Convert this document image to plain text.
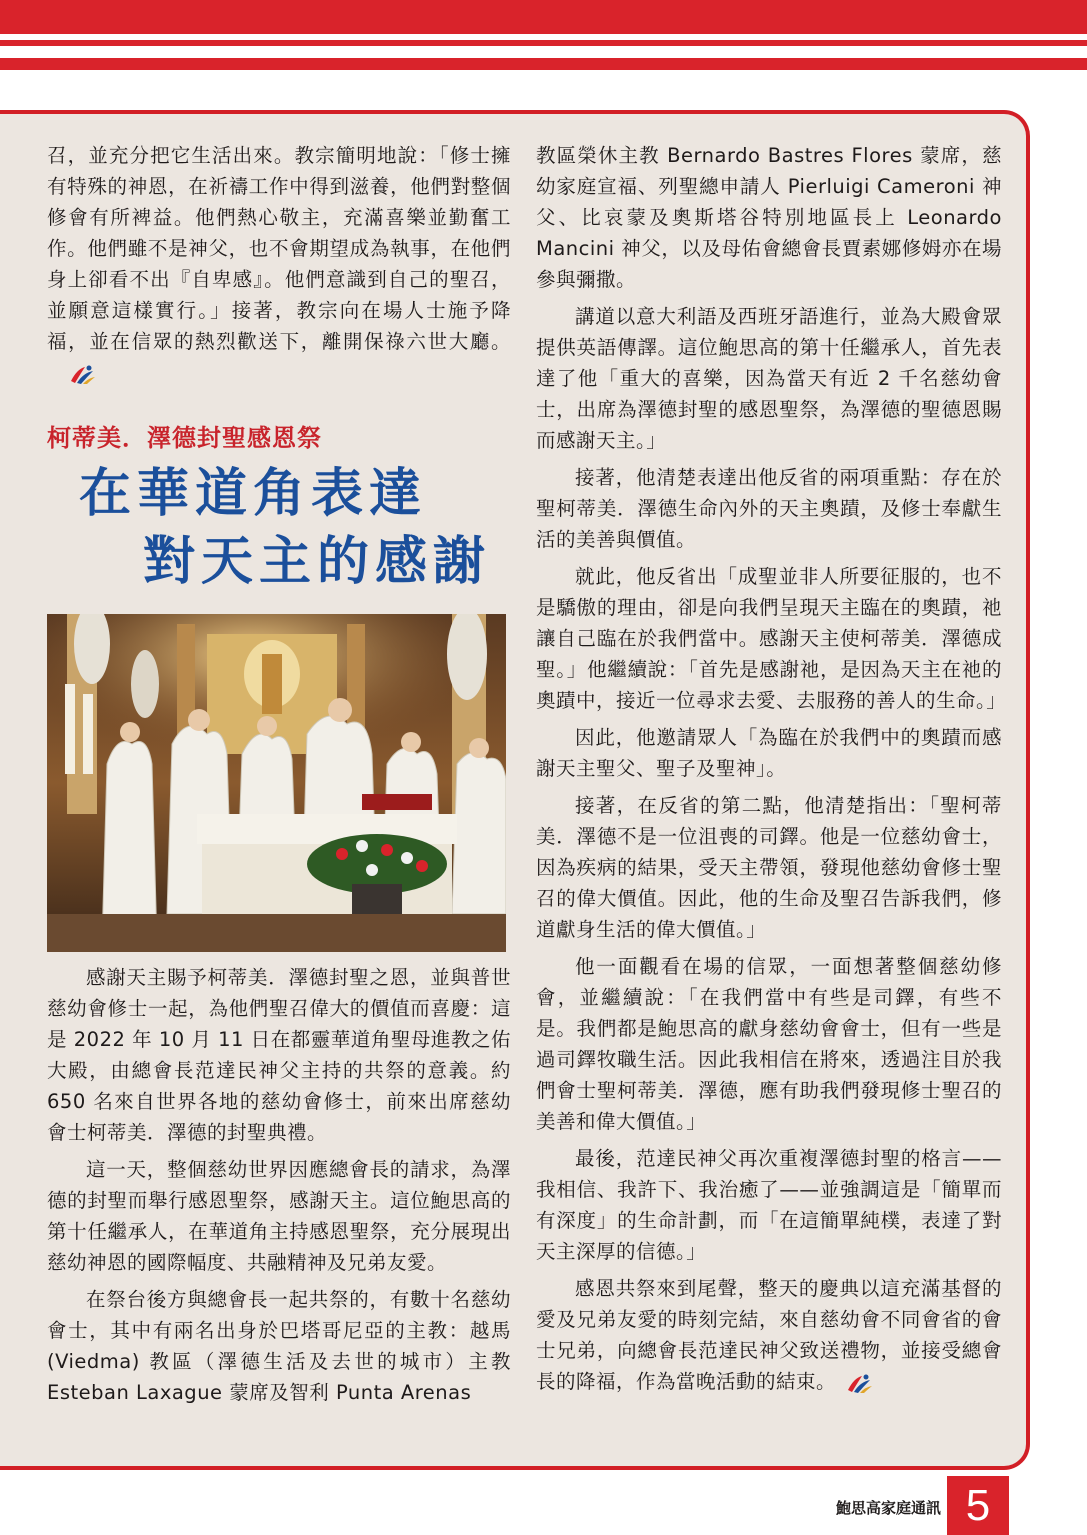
召，並充分把它生活出來。教宗簡明地說：「修士擁有特殊的神恩，在祈禱工作中得到滋養，他們對整個修會有所裨益。他們熱心敬主，充滿喜樂並勤奮工作。他們雖不是神父，也不會期望成為執事，在他們身上卻看不出『自卑感』。他們意識到自己的聖召，並願意這樣實行。」接著，教宗向在場人士施予降福，並在信眾的熱烈歡送下，離開保祿六世大廳。

柯蒂美．澤德封聖感恩祭
在華道角表達
對天主的感謝

感謝天主賜予柯蒂美．澤德封聖之恩，並與普世慈幼會修士一起，為他們聖召偉大的價值而喜慶：這是 2022 年 10 月 11 日在都靈華道角聖母進教之佑大殿，由總會長范達民神父主持的共祭的意義。約 650 名來自世界各地的慈幼會修士，前來出席慈幼會士柯蒂美．澤德的封聖典禮。

這一天，整個慈幼世界因應總會長的請求，為澤德的封聖而舉行感恩聖祭，感謝天主。這位鮑思高的第十任繼承人，在華道角主持感恩聖祭，充分展現出慈幼神恩的國際幅度、共融精神及兄弟友愛。

在祭台後方與總會長一起共祭的，有數十名慈幼會士，其中有兩名出身於巴塔哥尼亞的主教：越馬 (Viedma) 教區（澤德生活及去世的城市）主教 Esteban Laxague 蒙席及智利 Punta Arenas

教區榮休主教 Bernardo Bastres Flores 蒙席，慈幼家庭宣福、列聖總申請人 Pierluigi Cameroni 神父、比哀蒙及奧斯塔谷特別地區長上 Leonardo Mancini 神父，以及母佑會總會長賈素娜修姆亦在場參與彌撒。

講道以意大利語及西班牙語進行，並為大殿會眾提供英語傳譯。這位鮑思高的第十任繼承人，首先表達了他「重大的喜樂，因為當天有近 2 千名慈幼會士，出席為澤德封聖的感恩聖祭，為澤德的聖德恩賜而感謝天主。」

接著，他清楚表達出他反省的兩項重點：存在於聖柯蒂美．澤德生命內外的天主奧蹟，及修士奉獻生活的美善與價值。

就此，他反省出「成聖並非人所要征服的，也不是驕傲的理由，卻是向我們呈現天主臨在的奧蹟，祂讓自己臨在於我們當中。感謝天主使柯蒂美．澤德成聖。」他繼續說：「首先是感謝祂，是因為天主在祂的奧蹟中，接近一位尋求去愛、去服務的善人的生命。」

因此，他邀請眾人「為臨在於我們中的奧蹟而感謝天主聖父、聖子及聖神」。

接著，在反省的第二點，他清楚指出：「聖柯蒂美．澤德不是一位沮喪的司鐸。他是一位慈幼會士，因為疾病的結果，受天主帶領，發現他慈幼會修士聖召的偉大價值。因此，他的生命及聖召告訴我們，修道獻身生活的偉大價值。」

他一面觀看在場的信眾，一面想著整個慈幼修會，並繼續說：「在我們當中有些是司鐸，有些不是。我們都是鮑思高的獻身慈幼會會士，但有一些是過司鐸牧職生活。因此我相信在將來，透過注目於我們會士聖柯蒂美．澤德，應有助我們發現修士聖召的美善和偉大價值。」

最後，范達民神父再次重複澤德封聖的格言——我相信、我許下、我治癒了——並強調這是「簡單而有深度」的生命計劃，而「在這簡單純樸，表達了對天主深厚的信德。」

感恩共祭來到尾聲，整天的慶典以這充滿基督的愛及兄弟友愛的時刻完結，來自慈幼會不同會省的會士兄弟，向總會長范達民神父致送禮物，並接受總會長的降福，作為當晚活動的結束。

鮑思高家庭通訊 5
